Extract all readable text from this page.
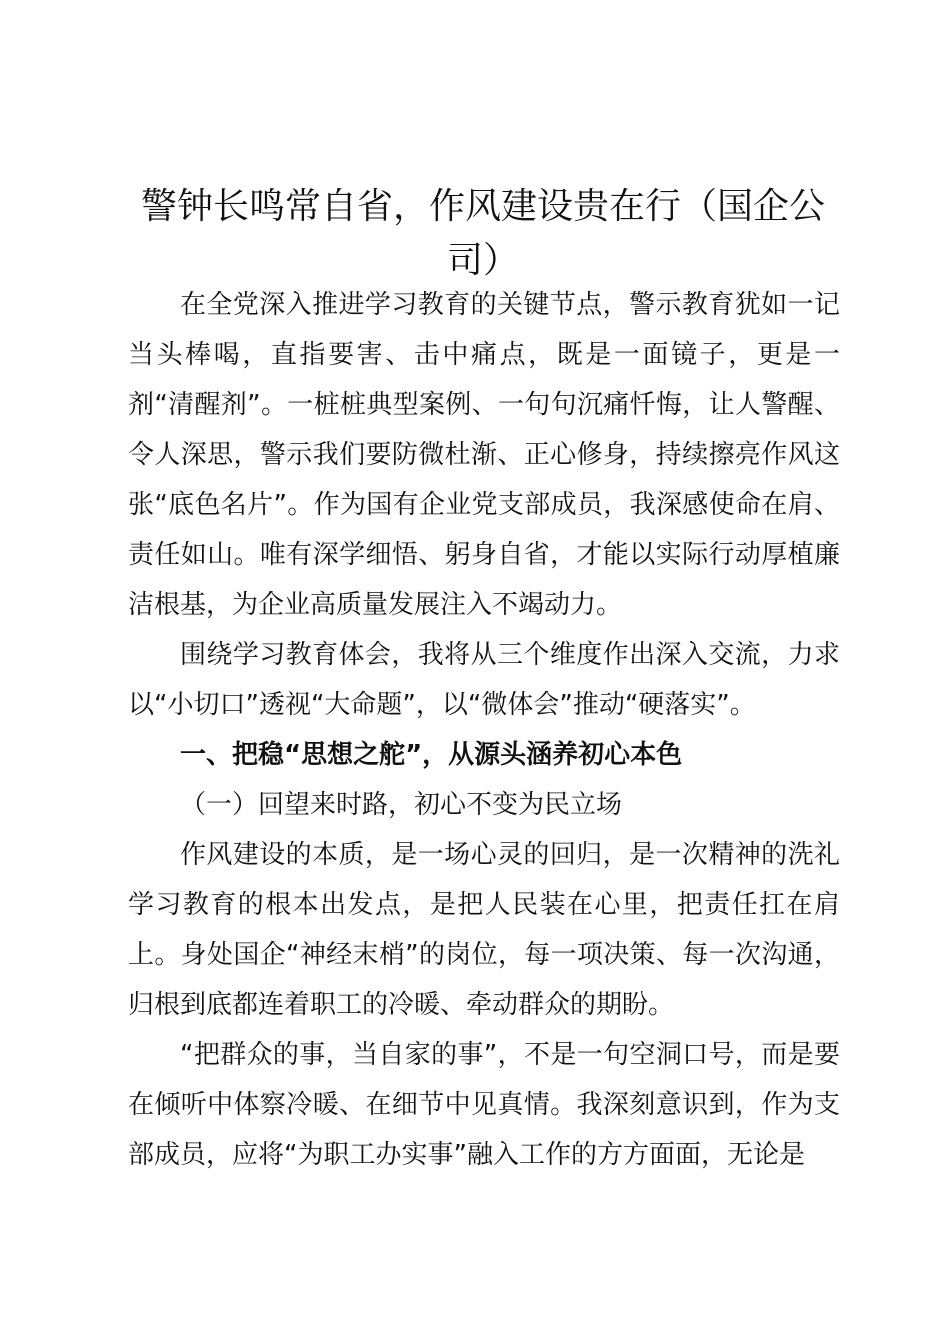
警钟长鸣常自省，作风建设贵在行（国企公司）

在全党深入推进学习教育的关键节点，警示教育犹如一记当头棒喝，直指要害、击中痛点，既是一面镜子，更是一剂“清醒剂”。一桩桩典型案例、一句句沉痛忏悔，让人警醒、令人深思，警示我们要防微杜渐、正心修身，持续擦亮作风这张“底色名片”。作为国有企业党支部成员，我深感使命在肩、责任如山。唯有深学细悟、躬身自省，才能以实际行动厚植廉洁根基，为企业高质量发展注入不竭动力。

围绕学习教育体会，我将从三个维度作出深入交流，力求以“小切口”透视“大命题”，以“微体会”推动“硬落实”。

一、把稳“思想之舵”，从源头涵养初心本色

（一）回望来时路，初心不变为民立场

作风建设的本质，是一场心灵的回归，是一次精神的洗礼学习教育的根本出发点，是把人民装在心里，把责任扛在肩上。身处国企“神经末梢”的岗位，每一项决策、每一次沟通，归根到底都连着职工的冷暖、牵动群众的期盼。

“把群众的事，当自家的事”，不是一句空洞口号，而是要在倾听中体察冷暖、在细节中见真情。我深刻意识到，作为支部成员，应将“为职工办实事”融入工作的方方面面，无论是
